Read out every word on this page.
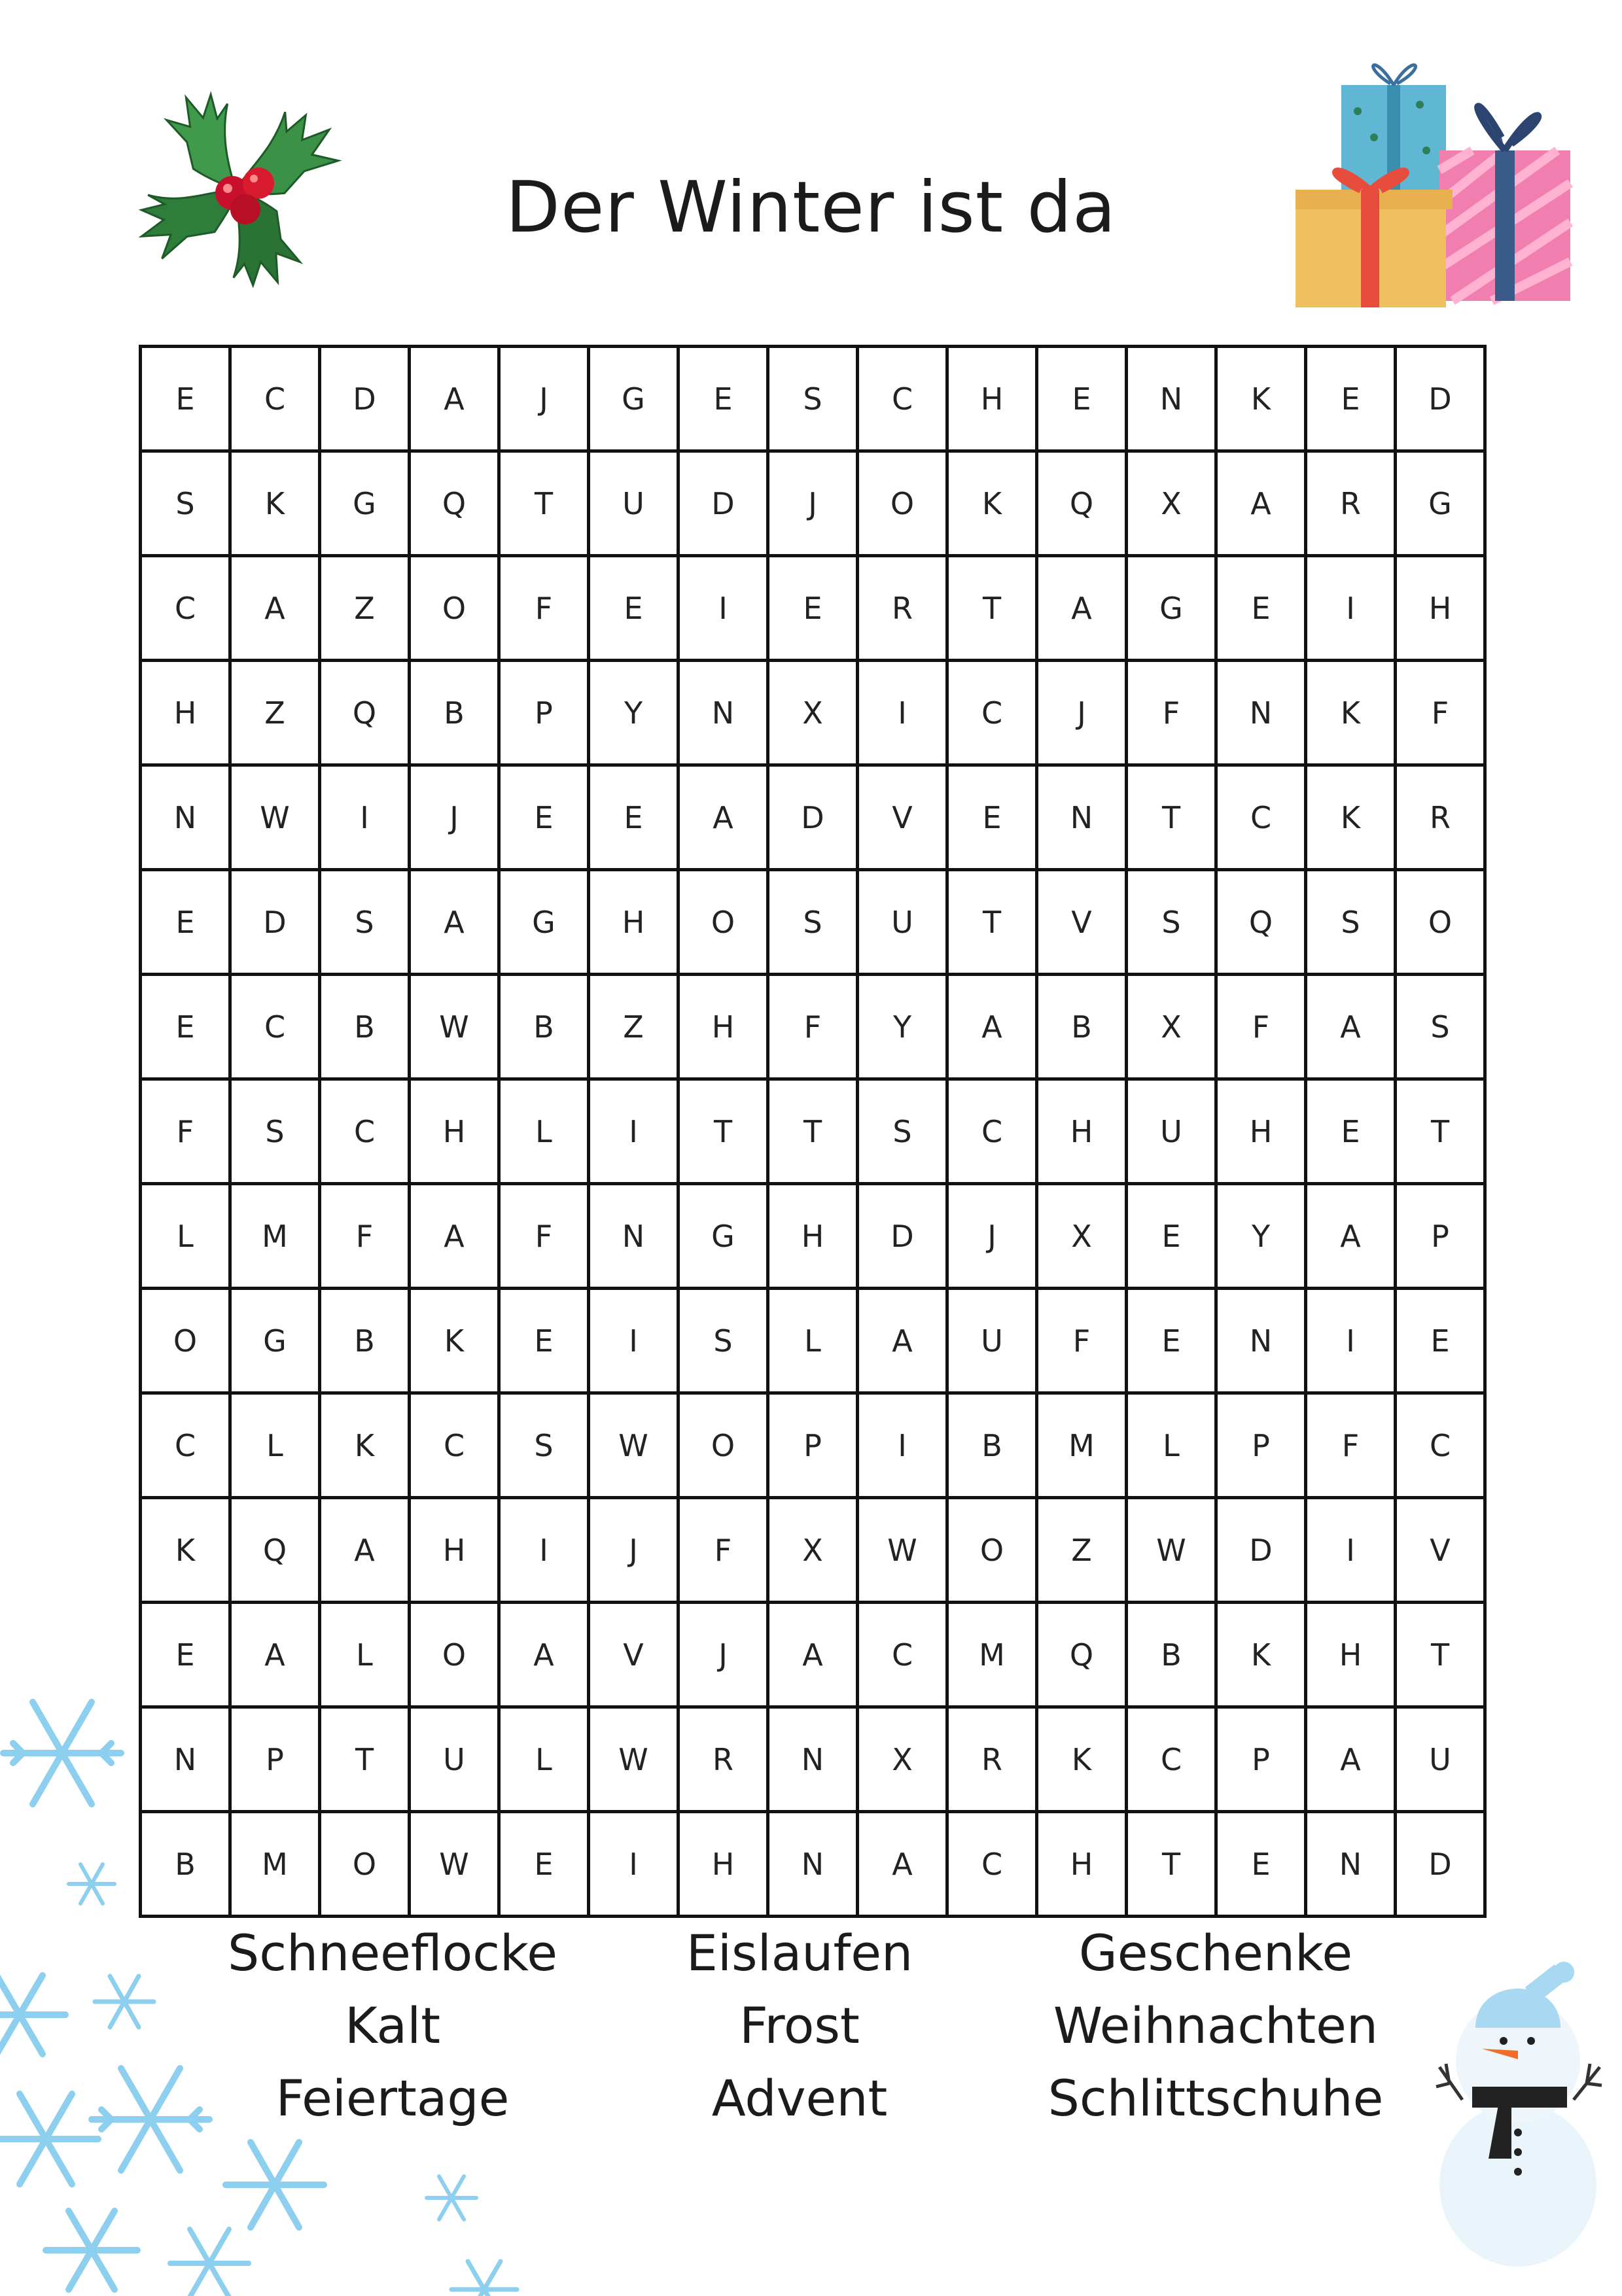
Der Winter ist da
E	C	D	A	J	G	E	S	C	H	E	N	K	E	D
S	K	G	Q	T	U	D	J	O	K	Q	X	A	R	G
C	A	Z	O	F	E	I	E	R	T	A	G	E	I	H
H	Z	Q	B	P	Y	N	X	I	C	J	F	N	K	F
N	W	I	J	E	E	A	D	V	E	N	T	C	K	R
E	D	S	A	G	H	O	S	U	T	V	S	Q	S	O
E	C	B	W	B	Z	H	F	Y	A	B	X	F	A	S
F	S	C	H	L	I	T	T	S	C	H	U	H	E	T
L	M	F	A	F	N	G	H	D	J	X	E	Y	A	P
O	G	B	K	E	I	S	L	A	U	F	E	N	I	E
C	L	K	C	S	W	O	P	I	B	M	L	P	F	C
K	Q	A	H	I	J	F	X	W	O	Z	W	D	I	V
E	A	L	O	A	V	J	A	C	M	Q	B	K	H	T
N	P	T	U	L	W	R	N	X	R	K	C	P	A	U
B	M	O	W	E	I	H	N	A	C	H	T	E	N	D
Schneeflocke
Kalt
Feiertage
Eislaufen
Frost
Advent
Geschenke
Weihnachten
Schlittschuhe
